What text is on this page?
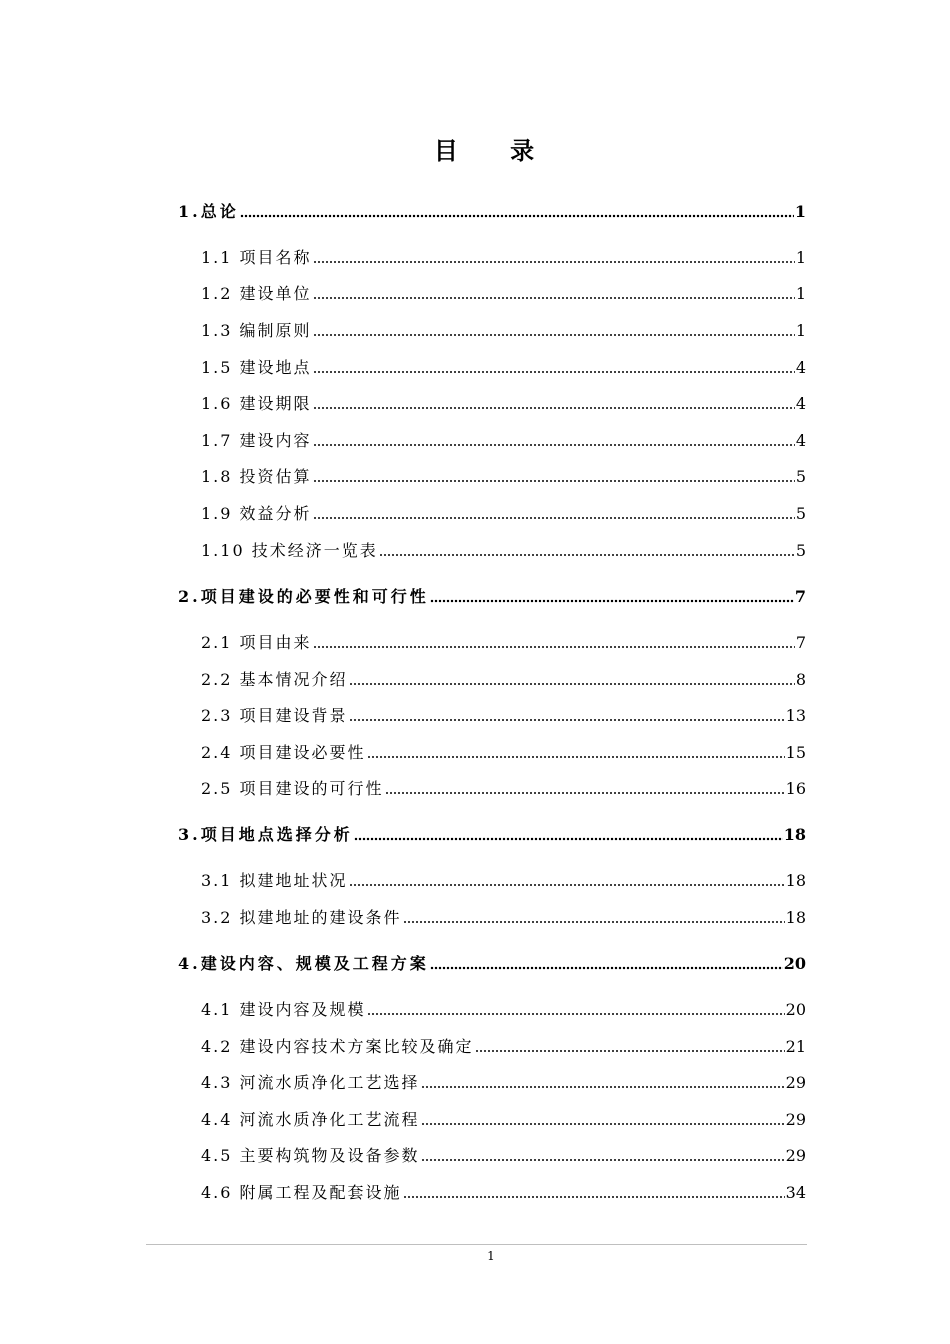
目 录
1.总论	1
1.1 项目名称	1
1.2 建设单位	1
1.3 编制原则	1
1.5 建设地点	4
1.6 建设期限	4
1.7 建设内容	4
1.8 投资估算	5
1.9 效益分析	5
1.10 技术经济一览表	5
2.项目建设的必要性和可行性	7
2.1 项目由来	7
2.2 基本情况介绍	8
2.3 项目建设背景	13
2.4 项目建设必要性	15
2.5 项目建设的可行性	16
3.项目地点选择分析	18
3.1 拟建地址状况	18
3.2 拟建地址的建设条件	18
4.建设内容、规模及工程方案	20
4.1 建设内容及规模	20
4.2 建设内容技术方案比较及确定	21
4.3 河流水质净化工艺选择	29
4.4 河流水质净化工艺流程	29
4.5 主要构筑物及设备参数	29
4.6 附属工程及配套设施	34
1
